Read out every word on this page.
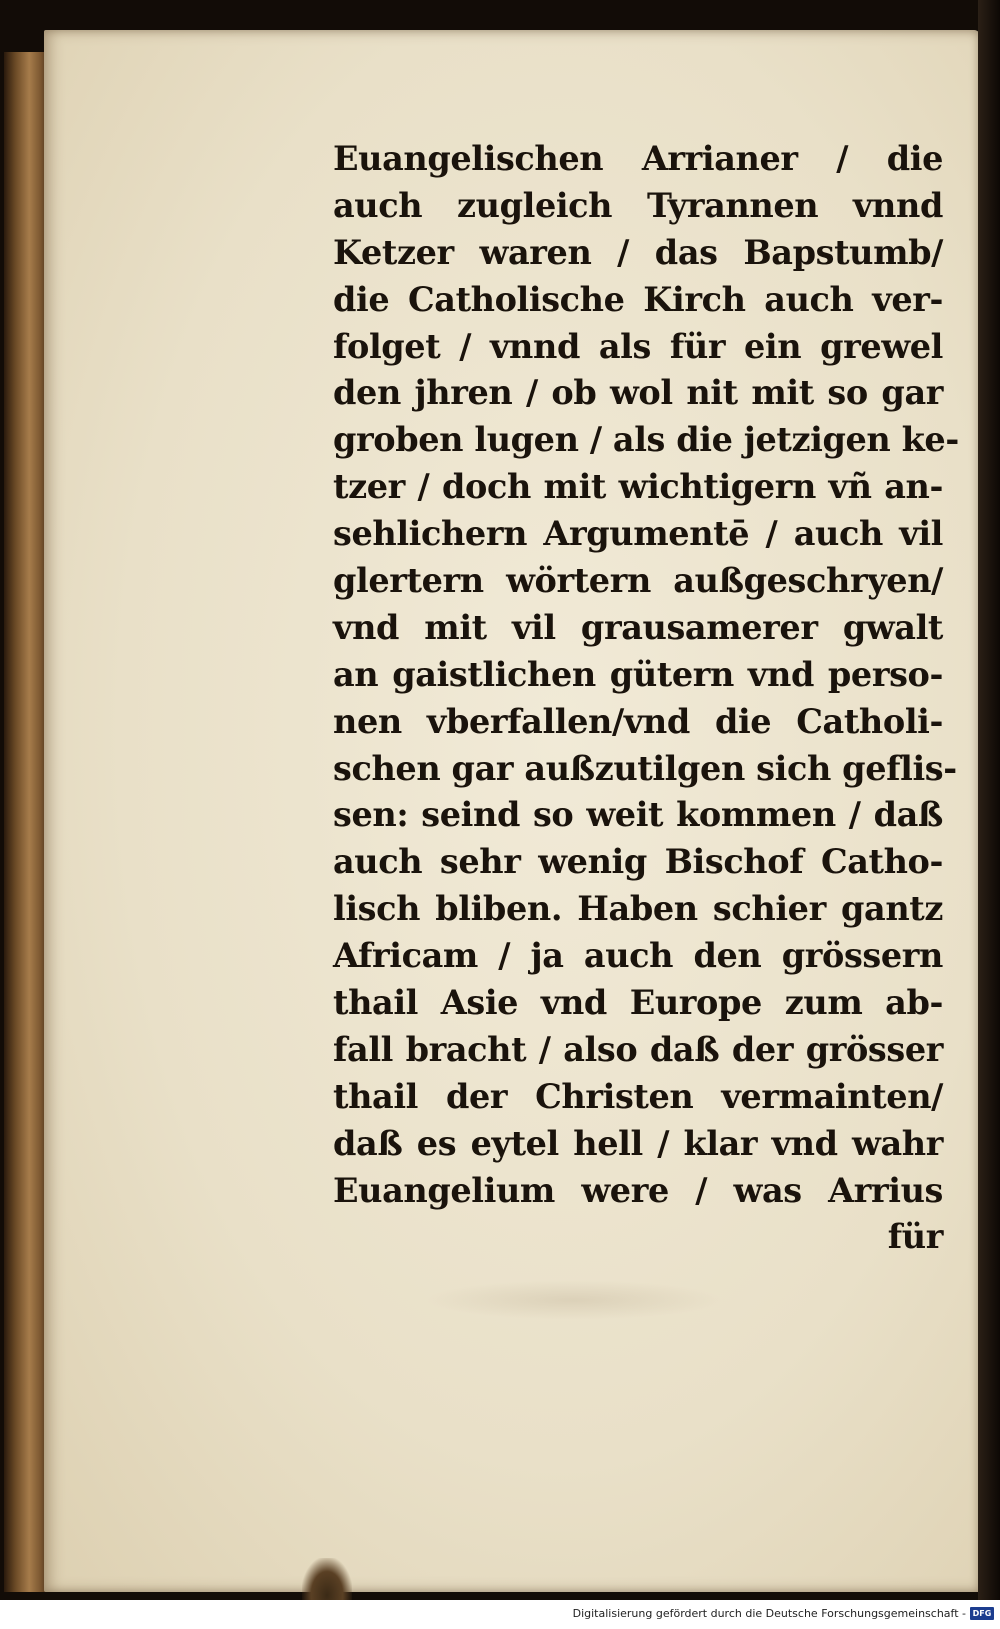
Euangelischen Arrianer / die
auch zugleich Tyrannen vnnd
Ketzer waren / das Bapstumb/
die Catholische Kirch auch ver-
folget / vnnd als für ein grewel
den jhren / ob wol nit mit so gar
groben lugen / als die jetzigen ke-
tzer / doch mit wichtigern vñ an-
sehlichern Argumentē / auch vil
glertern wörtern außgeschryen/
vnd mit vil grausamerer gwalt
an gaistlichen gütern vnd perso-
nen vberfallen/vnd die Catholi-
schen gar außzutilgen sich geflis-
sen: seind so weit kommen / daß
auch sehr wenig Bischof Catho-
lisch bliben. Haben schier gantz
Africam / ja auch den grössern
thail Asie vnd Europe zum ab-
fall bracht / also daß der grösser
thail der Christen vermainten/
daß es eytel hell / klar vnd wahr
Euangelium were / was Arrius
für
Digitalisierung gefördert durch die Deutsche Forschungsgemeinschaft - DFG
